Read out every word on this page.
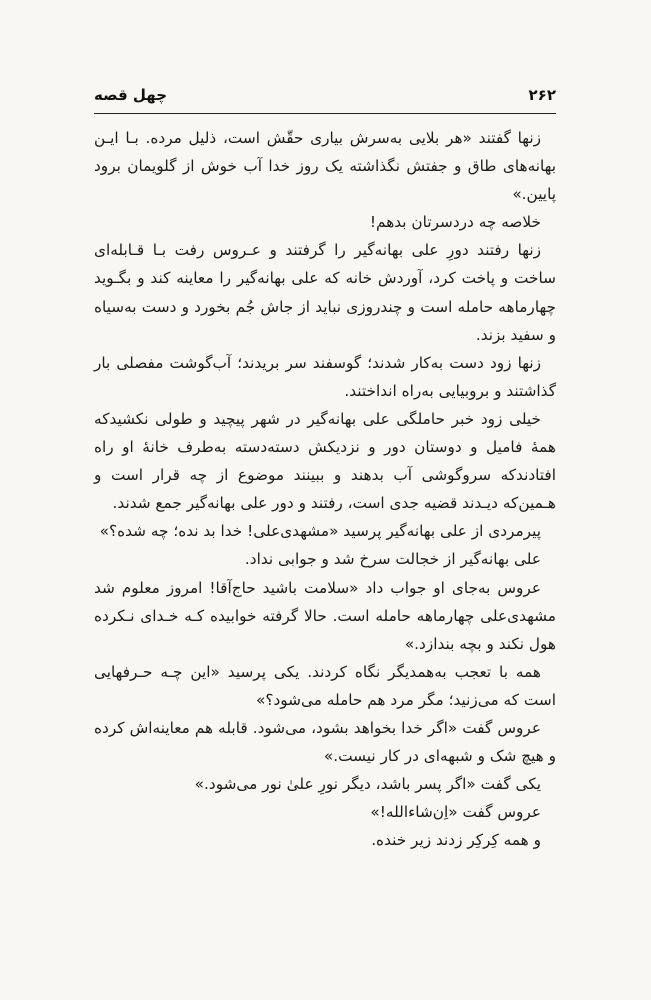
چهل قصه	۲۶۲

زنها گفتند «هر بلایی به‌سرش بیاری حقّش است، ذلیل مرده. بـا ایـن بهانه‌های طاق و جفتش نگذاشته یک روز خدا آب خوش از گلویمان برود پایین.»

خلاصه چه دردسرتان بدهم!

زنها رفتند دورِ علی بهانه‌گیر را گرفتند و عـروس رفت بـا قـابله‌ای ساخت و پاخت کرد، آوردش خانه که علی بهانه‌گیر را معاینه کند و بگـوید چهارماهه حامله است و چندروزی نباید از جاش جُم بخورد و دست به‌سیاه و سفید بزند.

زنها زود دست به‌کار شدند؛ گوسفند سر بریدند؛ آب‌گوشت مفصلی بار گذاشتند و بروبیایی به‌راه انداختند.

خیلی زود خبر حاملگی علی بهانه‌گیر در شهر پیچید و طولی نکشیدکه همهٔ فامیل و دوستان دور و نزدیکش دسته‌دسته به‌طرف خانهٔ او راه افتادندکه سروگوشی آب بدهند و ببینند موضوع از چه قرار است و هـمین‌که دیـدند قضیه جدی است، رفتند و دور علی بهانه‌گیر جمع شدند.

پیرمردی از علی بهانه‌گیر پرسید «مشهدی‌علی! خدا بد نده؛ چه شده؟»

علی بهانه‌گیر از خجالت سرخ شد و جوابی نداد.

عروس به‌جای او جواب داد «سلامت باشید حاج‌آقا! امروز معلوم شد مشهدی‌علی چهارماهه حامله است. حالا گرفته خوابیده کـه خـدای نـکرده هول نکند و بچه بندازد.»

همه با تعجب به‌همدیگر نگاه کردند. یکی پرسید «این چـه حـرفهایی است که می‌زنید؛ مگر مرد هم حامله می‌شود؟»

عروس گفت «اگر خدا بخواهد بشود، می‌شود. قابله هم معاینه‌اش کرده و هیچ شک و شبهه‌ای در کار نیست.»

یکی گفت «اگر پسر باشد، دیگر نورِ علیٰ نور می‌شود.»

عروس گفت «اِن‌شاءالله!»

و همه کِرکِر زدند زیر خنده.
